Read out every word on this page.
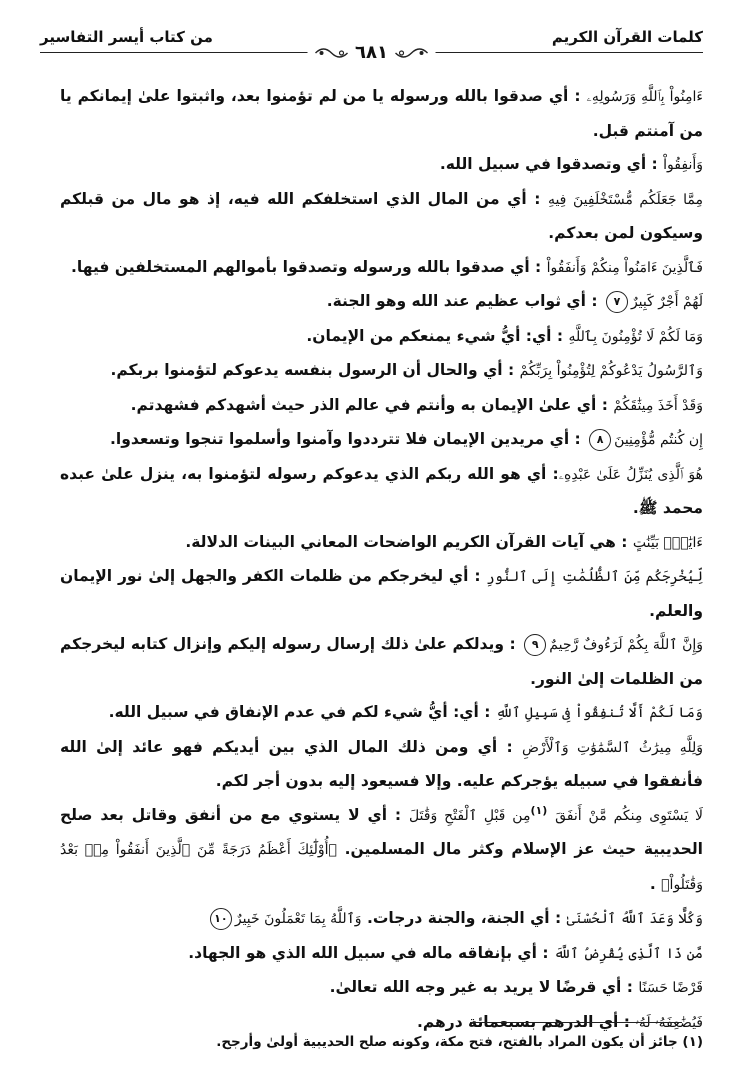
كلمات القرآن الكريم
من كتاب أيسر التفاسير
٦٨١

ءَامِنُواْ بِٱللَّهِ وَرَسُولِهِۦ : أي صدقوا بالله ورسوله يا من لم تؤمنوا بعد، واثبتوا علىٰ إيمانكم يا من آمنتم قبل.

وَأَنفِقُواْ : أي وتصدقوا في سبيل الله.

مِمَّا جَعَلَكُم مُّسْتَخْلَفِينَ فِيهِ : أي من المال الذي استخلفكم الله فيه، إذ هو مال من قبلكم وسيكون لمن بعدكم.

فَٱلَّذِينَ ءَامَنُواْ مِنكُمْ وَأَنفَقُواْ : أي صدقوا بالله ورسوله وتصدقوا بأموالهم المستخلفين فيها.

لَهُمْ أَجْرٌ كَبِيرٌ٧ : أي ثواب عظيم عند الله وهو الجنة.

وَمَا لَكُمْ لَا تُؤْمِنُونَ بِٱللَّهِ : أي: أيُّ شيء يمنعكم من الإيمان.

وَٱلرَّسُولُ يَدْعُوكُمْ لِتُؤْمِنُواْ بِرَبِّكُمْ : أي والحال أن الرسول بنفسه يدعوكم لتؤمنوا بربكم.

وَقَدْ أَخَذَ مِيثَٰقَكُمْ : أي علىٰ الإيمان به وأنتم في عالم الذر حيث أشهدكم فشهدتم.

إِن كُنتُم مُّؤْمِنِينَ٨ : أي مريدين الإيمان فلا تترددوا وآمنوا وأسلموا تنجوا وتسعدوا.

هُوَ ٱلَّذِى يُنَزِّلُ عَلَىٰ عَبْدِهِۦ: أي هو الله ربكم الذي يدعوكم رسوله لتؤمنوا به، ينزل علىٰ عبده محمد ﷺ.

ءَايَٰتٍۭ بَيِّنَٰتٍ : هي آيات القرآن الكريم الواضحات المعاني البينات الدلالة.

لِّيُخْرِجَكُم مِّنَ ٱلظُّلُمَٰتِ إِلَى ٱلنُّورِ : أي ليخرجكم من ظلمات الكفر والجهل إلىٰ نور الإيمان والعلم.

وَإِنَّ ٱللَّهَ بِكُمْ لَرَءُوفٌ رَّحِيمٌ٩ : ويدلكم علىٰ ذلك إرسال رسوله إليكم وإنزال كتابه ليخرجكم من الظلمات إلىٰ النور.

وَمَا لَكُمْ أَلَّا تُنفِقُواْ فِى سَبِيلِ ٱللَّهِ : أي: أيُّ شيء لكم في عدم الإنفاق في سبيل الله.

وَلِلَّهِ مِيرَٰثُ ٱلسَّمَٰوَٰتِ وَٱلْأَرْضِ : أي ومن ذلك المال الذي بين أيديكم فهو عائد إلىٰ الله فأنفقوا في سبيله يؤجركم عليه. وإلا فسيعود إليه بدون أجر لكم.

لَا يَسْتَوِى مِنكُم مَّنْ أَنفَقَ $^{(١)}$مِن قَبْلِ ٱلْفَتْحِ وَقَٰتَلَ : أي لا يستوي مع من أنفق وقاتل بعد صلح الحديبية حيث عز الإسلام وكثر مال المسلمين. ﴿أُوْلَٰٓئِكَ أَعْظَمُ دَرَجَةً مِّنَ ٱلَّذِينَ أَنفَقُواْ مِنۢ بَعْدُ وَقَٰتَلُواْ﴾ .

وَكُلًّا وَعَدَ ٱللَّهُ ٱلْحُسْنَىٰ : أي الجنة، والجنة درجات. وَٱللَّهُ بِمَا تَعْمَلُونَ خَبِيرٌ١٠

مَّن ذَا ٱلَّذِى يُقْرِضُ ٱللَّهَ : أي بإنفاقه ماله في سبيل الله الذي هو الجهاد.

قَرْضًا حَسَنًا : أي قرضًا لا يريد به غير وجه الله تعالىٰ.

فَيُضَٰعِفَهُۥ لَهُۥ : أي الدرهم بسبعمائة درهم.

(١) جائز أن يكون المراد بالفتح، فتح مكة، وكونه صلح الحديبية أولىٰ وأرجح.
